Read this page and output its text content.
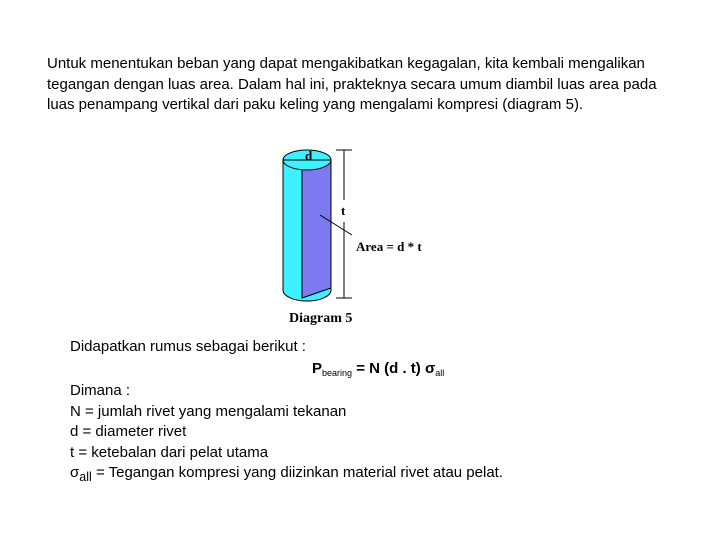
Untuk menentukan beban yang dapat mengakibatkan kegagalan, kita kembali mengalikan tegangan dengan luas area. Dalam hal ini, prakteknya secara umum diambil luas area pada luas penampang vertikal dari paku keling yang mengalami kompresi (diagram 5).

d
t
Area = d * t
Diagram 5

Didapatkan rumus sebagai berikut :

$P_{bearing} = N$ (d . t) $\sigma_{all}$

Dimana :

N = jumlah rivet yang mengalami tekanan

d = diameter rivet

t = ketebalan dari pelat utama

$\sigma_{all}$ = Tegangan kompresi yang diizinkan material rivet atau pelat.
